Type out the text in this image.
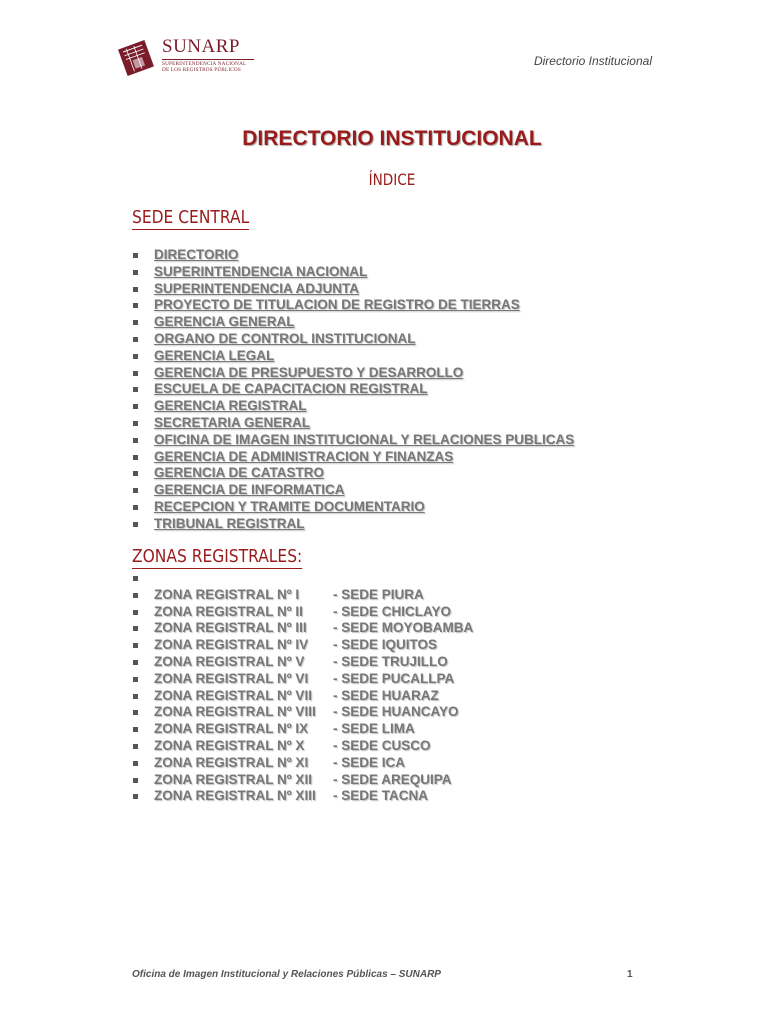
SUNARP
SUPERINTENDENCIA NACIONAL
DE LOS REGISTROS PÚBLICOS
Directorio Institucional
DIRECTORIO INSTITUCIONAL
ÍNDICE
SEDE CENTRAL
DIRECTORIO
SUPERINTENDENCIA NACIONAL
SUPERINTENDENCIA ADJUNTA
PROYECTO DE TITULACION DE REGISTRO DE TIERRAS
GERENCIA GENERAL
ORGANO DE CONTROL INSTITUCIONAL
GERENCIA LEGAL
GERENCIA DE PRESUPUESTO Y DESARROLLO
ESCUELA DE CAPACITACION REGISTRAL
GERENCIA REGISTRAL
SECRETARIA GENERAL
OFICINA DE IMAGEN INSTITUCIONAL Y RELACIONES PUBLICAS
GERENCIA DE ADMINISTRACION Y FINANZAS
GERENCIA DE CATASTRO
GERENCIA DE INFORMATICA
RECEPCION Y TRAMITE DOCUMENTARIO
TRIBUNAL REGISTRAL
ZONAS REGISTRALES:
ZONA REGISTRAL Nº I	- SEDE PIURA
ZONA REGISTRAL Nº II - SEDE CHICLAYO
ZONA REGISTRAL Nº III - SEDE MOYOBAMBA
ZONA REGISTRAL Nº IV - SEDE IQUITOS
ZONA REGISTRAL Nº V - SEDE TRUJILLO
ZONA REGISTRAL Nº VI - SEDE PUCALLPA
ZONA REGISTRAL Nº VII - SEDE HUARAZ
ZONA REGISTRAL Nº VIII - SEDE HUANCAYO
ZONA REGISTRAL Nº IX - SEDE LIMA
ZONA REGISTRAL Nº X - SEDE CUSCO
ZONA REGISTRAL Nº XI - SEDE ICA
ZONA REGISTRAL Nº XII - SEDE AREQUIPA
ZONA REGISTRAL Nº XIII - SEDE TACNA
Oficina de Imagen Institucional y Relaciones Públicas – SUNARP	1
